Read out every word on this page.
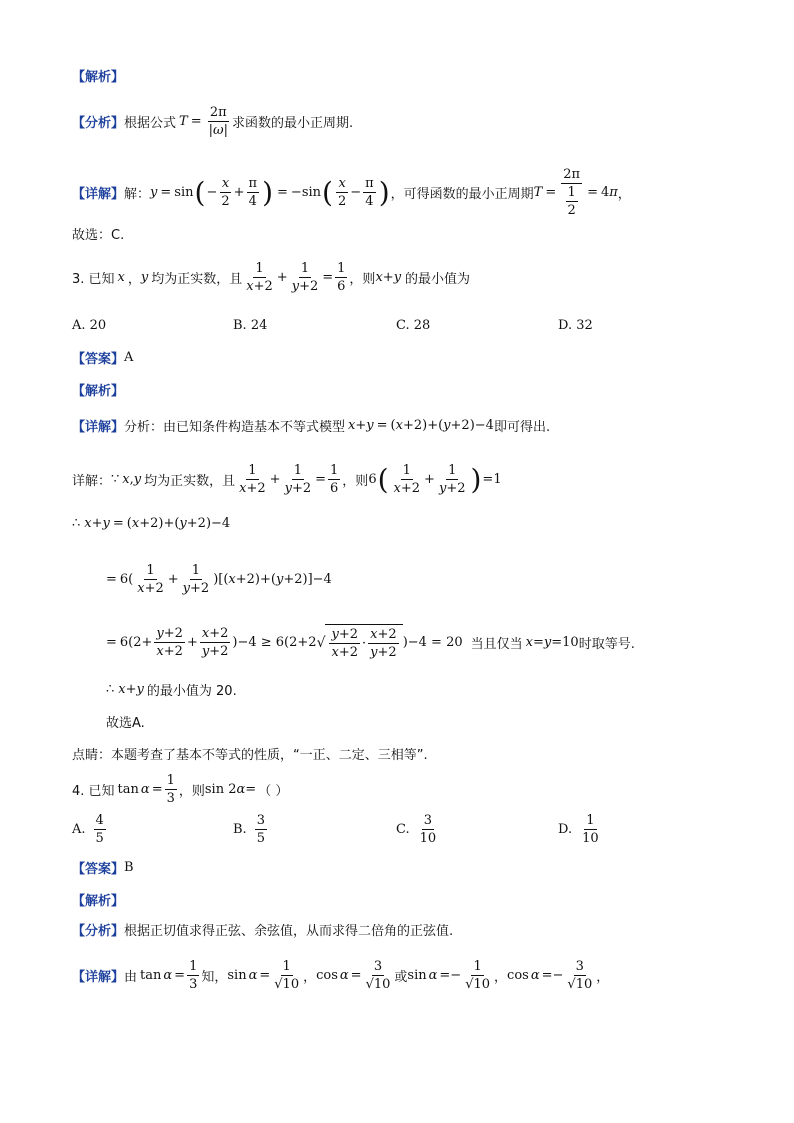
【解析】
【分析】 根据公式 $T = \frac{2\pi}{|\omega|}$ 求函数的最小正周期.
【详解】 解： y = sin ( − $\frac{x}{2} + \frac{\pi}{4}$ ) = −sin ( $\frac{x}{2} - \frac{\pi}{4}$ ) ，可得函数的最小正周期 $T = \frac{2\pi}{\frac{1}{2}} = 4$ π ，
故选：C.
3. 已知 x ， y 均为正实数，且 $\frac{1}{x+2} + \frac{1}{y+2} = \frac{1}{6}$ ，则 x + y 的最小值为
A. 20	B. 24	C. 28	D. 32
【答案】 A
【解析】
【详解】 分析：由已知条件构造基本不等式模型 x + y = ( x +2)+( y +2)−4 即可得出.
详解： ∵ x , y 均为正实数，且 $\frac{1}{x+2} + \frac{1}{y+2} = \frac{1}{6}$ ，则 6 ( $\frac{1}{x+2} + \frac{1}{y+2}$ ) =1
∴ x + y = ( x +2)+( y +2)−4
= $6( \frac{1}{x+2} + \frac{1}{y+2}$ )[( x +2)+( y +2)]−4
= $6(2+ \frac{y+2}{x+2} + \frac{x+2}{y+2} )-4 \ge 6(2+2$ √ $\frac{y+2}{x+2} \cdot \frac{x+2}{y+2} )-4 = 20$ 当且仅当 x = y =10 时取等号.
∴ x + y 的最小值为 20.
故选A.
点睛：本题考查了基本不等式的性质，“一正、二定、三相等”.
4. 已知 $\tan \alpha = \frac{1}{3}$ ，则 sin 2 α = （ ）
A. $\frac{4}{5}$	B. $\frac{3}{5}$	C. $\frac{3}{10}$	D. $\frac{1}{10}$
【答案】 B
【解析】
【分析】 根据正切值求得正弦、余弦值，从而求得二倍角的正弦值.
【详解】 由 $\tan \alpha = \frac{1}{3}$ 知， $\sin \alpha = \frac{1}{√10}$ ， $\cos \alpha = \frac{3}{√10}$ 或 $\sin \alpha =- \frac{1}{√10}$ ， $\cos \alpha =- \frac{3}{√10}$ ，
